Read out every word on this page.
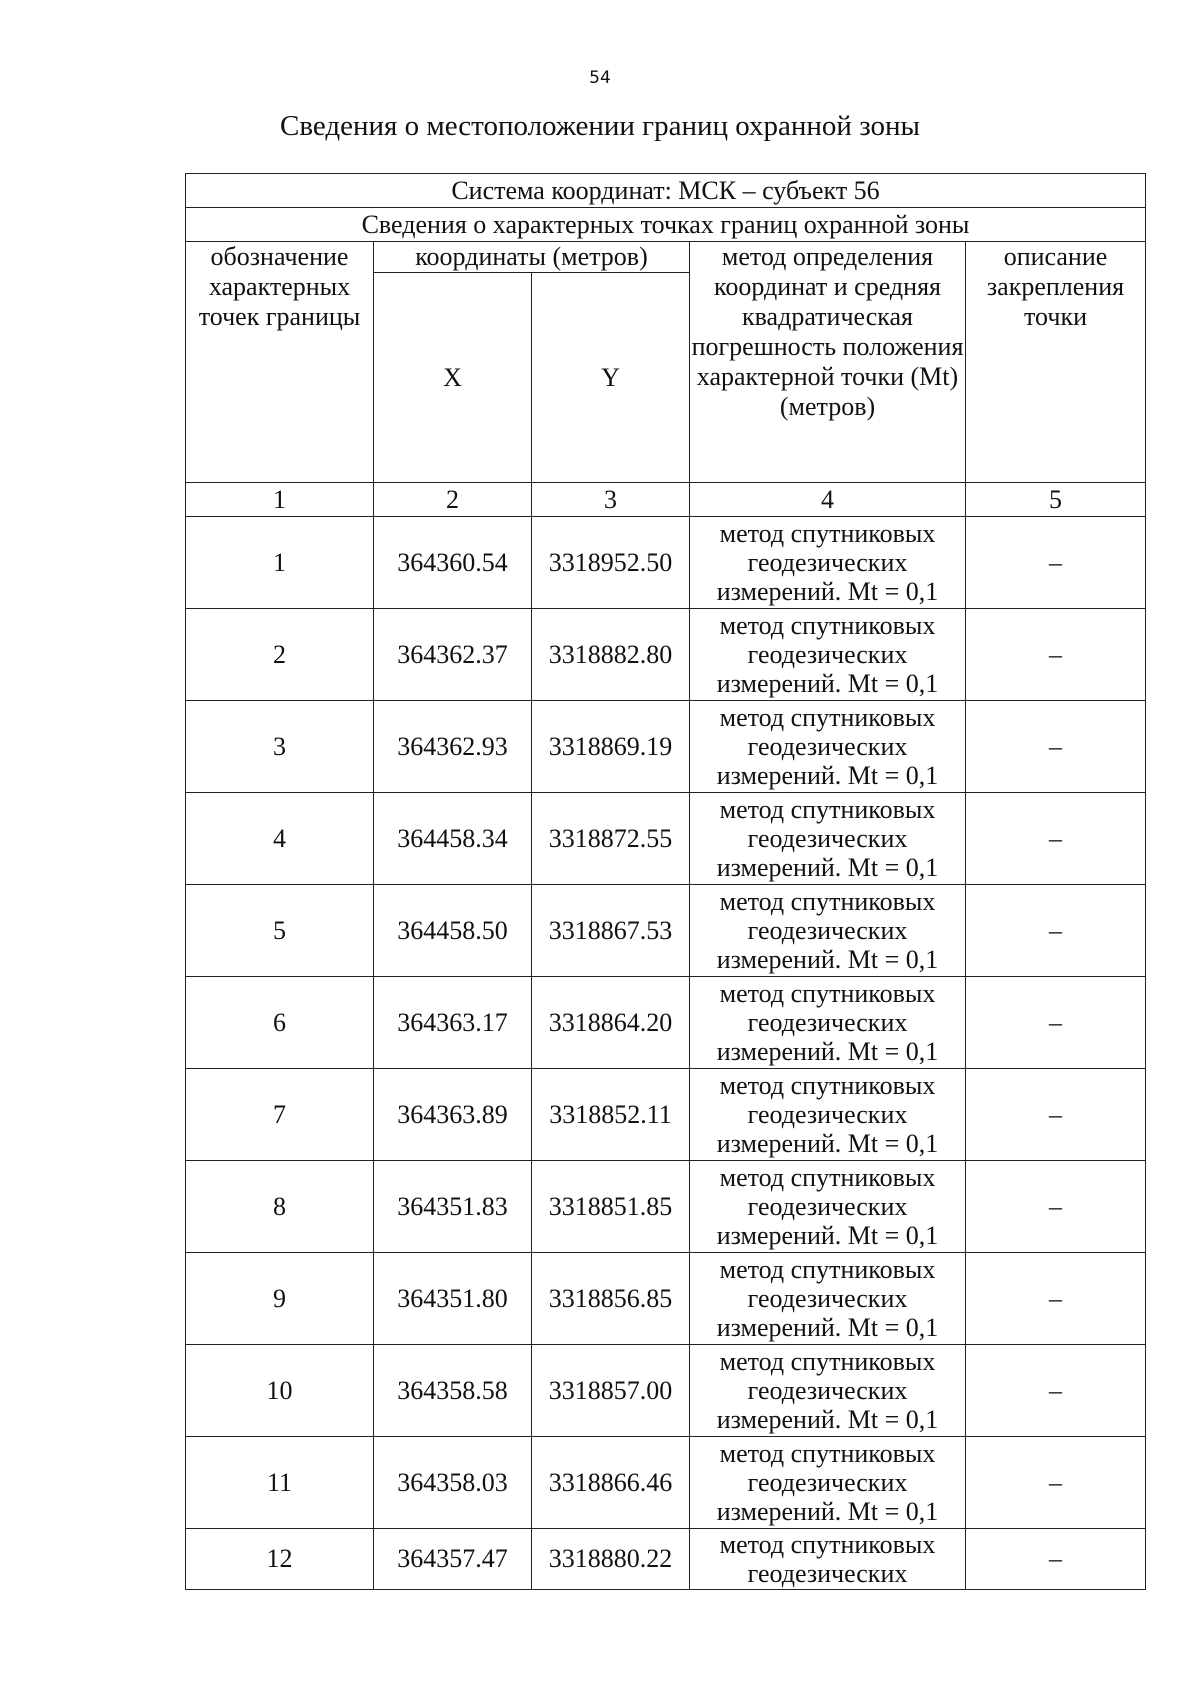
54
Сведения о местоположении границ охранной зоны
Система координат: МСК – субъект 56				
Сведения о характерных точках границ охранной зоны				
обозначение характерных точек границы	координаты (метров)		метод определения координат и средняя квадратическая погрешность положения характерной точки (Mt) (метров)	описание закрепления точки
	X	Y		
1	2	3	4	5
1	364360.54	3318952.50	метод спутниковых геодезических измерений. Mt = 0,1	–
2	364362.37	3318882.80	метод спутниковых геодезических измерений. Mt = 0,1	–
3	364362.93	3318869.19	метод спутниковых геодезических измерений. Mt = 0,1	–
4	364458.34	3318872.55	метод спутниковых геодезических измерений. Mt = 0,1	–
5	364458.50	3318867.53	метод спутниковых геодезических измерений. Mt = 0,1	–
6	364363.17	3318864.20	метод спутниковых геодезических измерений. Mt = 0,1	–
7	364363.89	3318852.11	метод спутниковых геодезических измерений. Mt = 0,1	–
8	364351.83	3318851.85	метод спутниковых геодезических измерений. Mt = 0,1	–
9	364351.80	3318856.85	метод спутниковых геодезических измерений. Mt = 0,1	–
10	364358.58	3318857.00	метод спутниковых геодезических измерений. Mt = 0,1	–
11	364358.03	3318866.46	метод спутниковых геодезических измерений. Mt = 0,1	–
12	364357.47	3318880.22	метод спутниковых геодезических	–
